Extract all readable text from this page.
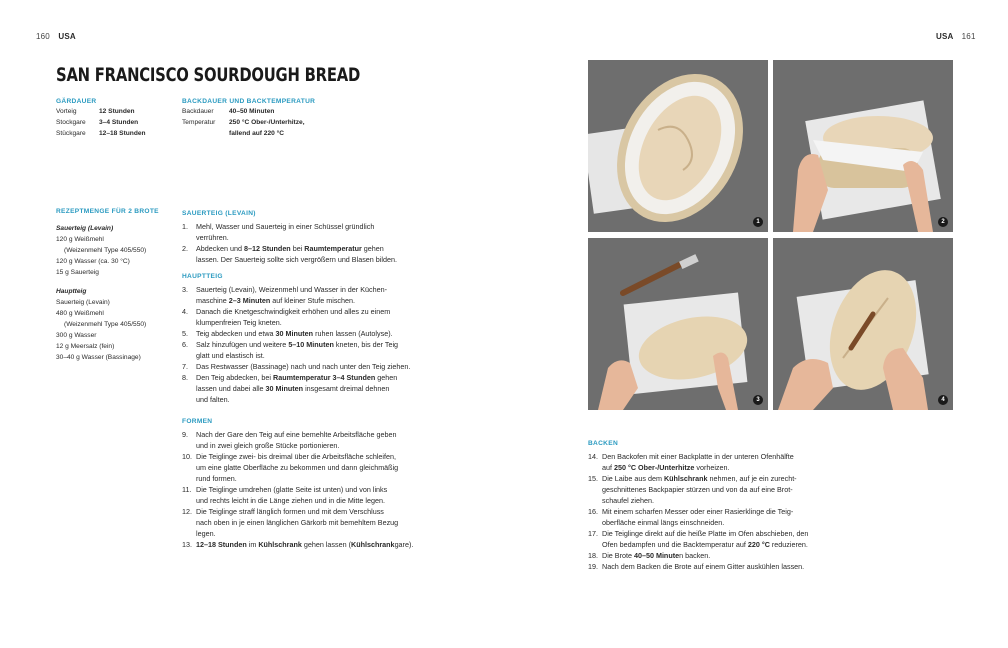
160 USA	USA 161
SAN FRANCISCO SOURDOUGH BREAD
GÄRDAUER
Vorteig	12 Stunden
Stockgare	3–4 Stunden
Stückgare	12–18 Stunden
BACKDAUER UND BACKTEMPERATUR
Backdauer	40–50 Minuten
Temperatur	250 °C Ober-/Unterhitze,
fallend auf 220 °C
REZEPTMENGE FÜR 2 BROTE
Sauerteig (Levain)
120 g Weißmehl
(Weizenmehl Type 405/550)
120 g Wasser (ca. 30 °C)
15 g Sauerteig
Hauptteig
Sauerteig (Levain)
480 g Weißmehl
(Weizenmehl Type 405/550)
300 g Wasser
12 g Meersalz (fein)
30–40 g Wasser (Bassinage)
SAUERTEIG (LEVAIN)
1.	Mehl, Wasser und Sauerteig in einer Schüssel gründlich
verrühren.
2.	Abdecken und 8–12 Stunden bei Raumtemperatur gehen
lassen. Der Sauerteig sollte sich vergrößern und Blasen bilden.
HAUPTTEIG
3.	Sauerteig (Levain), Weizenmehl und Wasser in der Küchen-
maschine 2–3 Minuten auf kleiner Stufe mischen.
4.	Danach die Knetgeschwindigkeit erhöhen und alles zu einem
klumpenfreien Teig kneten.
5.	Teig abdecken und etwa 30 Minuten ruhen lassen (Autolyse).
6.	Salz hinzufügen und weitere 5–10 Minuten kneten, bis der Teig
glatt und elastisch ist.
7.	Das Restwasser (Bassinage) nach und nach unter den Teig ziehen.
8.	Den Teig abdecken, bei Raumtemperatur 3–4 Stunden gehen
lassen und dabei alle 30 Minuten insgesamt dreimal dehnen
und falten.
FORMEN
9.	Nach der Gare den Teig auf eine bemehlte Arbeitsfläche geben
und in zwei gleich große Stücke portionieren.
10. Die Teiglinge zwei- bis dreimal über die Arbeitsfläche schleifen,
um eine glatte Oberfläche zu bekommen und dann gleichmäßig
rund formen.
11. Die Teiglinge umdrehen (glatte Seite ist unten) und von links
und rechts leicht in die Länge ziehen und in die Mitte legen.
12. Die Teiglinge straff länglich formen und mit dem Verschluss
nach oben in je einen länglichen Gärkorb mit bemehltem Bezug
legen.
13. 12–18 Stunden im Kühlschrank gehen lassen (Kühlschrankgare).
1	2
3	4
BACKEN
14. Den Backofen mit einer Backplatte in der unteren Ofenhälfte
auf 250 °C Ober-/Unterhitze vorheizen.
15. Die Laibe aus dem Kühlschrank nehmen, auf je ein zurecht-
geschnittenes Backpapier stürzen und von da auf eine Brot-
schaufel ziehen.
16. Mit einem scharfen Messer oder einer Rasierklinge die Teig-
oberfläche einmal längs einschneiden.
17. Die Teiglinge direkt auf die heiße Platte im Ofen abschieben, den
Ofen bedampfen und die Backtemperatur auf 220 °C reduzieren.
18. Die Brote 40–50 Minuten backen.
19. Nach dem Backen die Brote auf einem Gitter auskühlen lassen.
